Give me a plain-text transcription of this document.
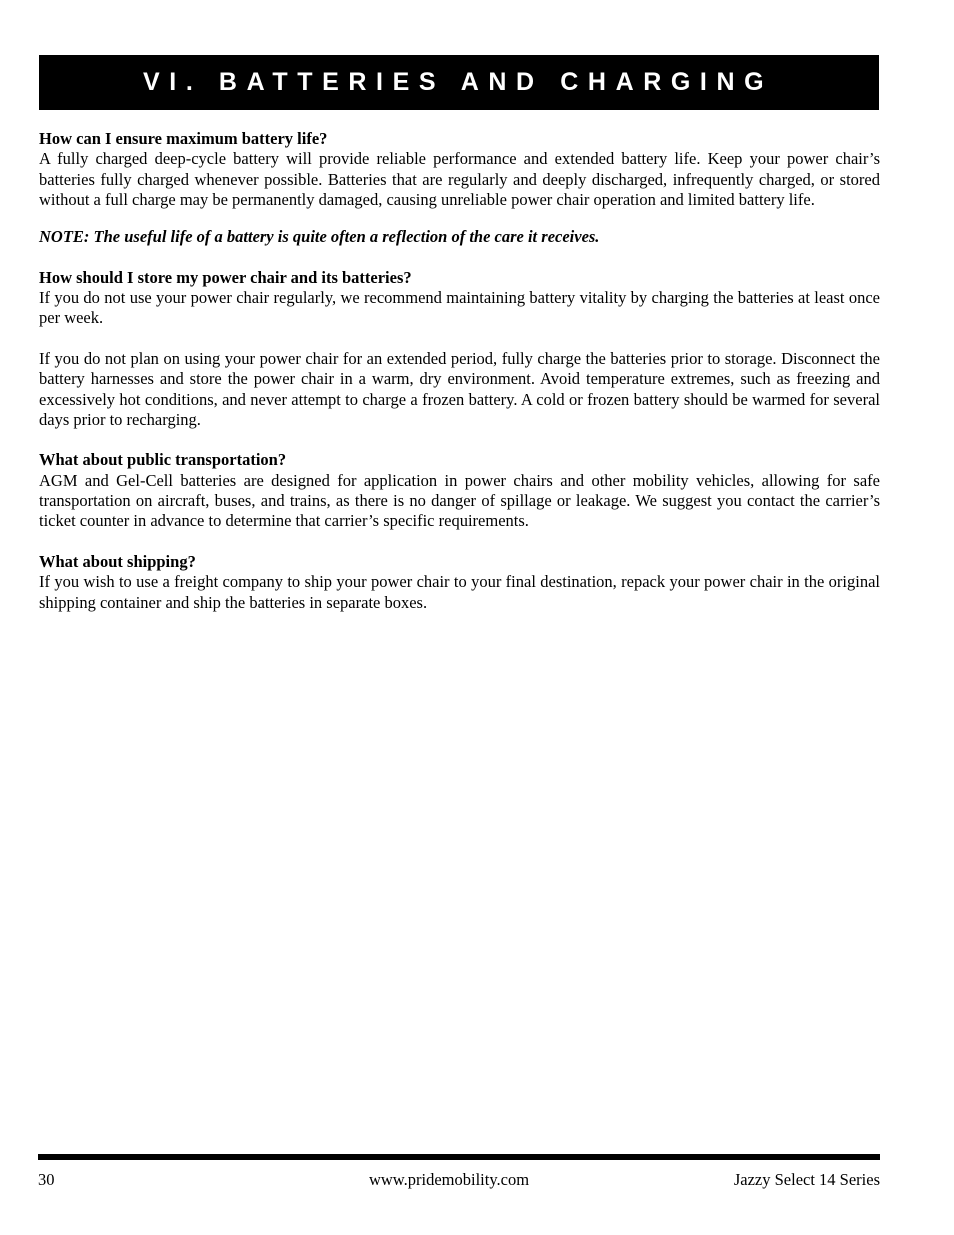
VI. BATTERIES AND CHARGING

How can I ensure maximum battery life?

A fully charged deep-cycle battery will provide reliable performance and extended battery life. Keep your power chair’s batteries fully charged whenever possible. Batteries that are regularly and deeply discharged, infrequently charged, or stored without a full charge may be permanently damaged, causing unreliable power chair operation and limited battery life.

NOTE: The useful life of a battery is quite often a reflection of the care it receives.

How should I store my power chair and its batteries?

If you do not use your power chair regularly, we recommend maintaining battery vitality by charging the batteries at least once per week.

If you do not plan on using your power chair for an extended period, fully charge the batteries prior to storage. Disconnect the battery harnesses and store the power chair in a warm, dry environment. Avoid temperature extremes, such as freezing and excessively hot conditions, and never attempt to charge a frozen battery. A cold or frozen battery should be warmed for several days prior to recharging.

What about public transportation?

AGM and Gel-Cell batteries are designed for application in power chairs and other mobility vehicles, allowing for safe transportation on aircraft, buses, and trains, as there is no danger of spillage or leakage. We suggest you contact the carrier’s ticket counter in advance to determine that carrier’s specific requirements.

What about shipping?

If you wish to use a freight company to ship your power chair to your final destination, repack your power chair in the original shipping container and ship the batteries in separate boxes.

30	www.pridemobility.com	Jazzy Select 14 Series
